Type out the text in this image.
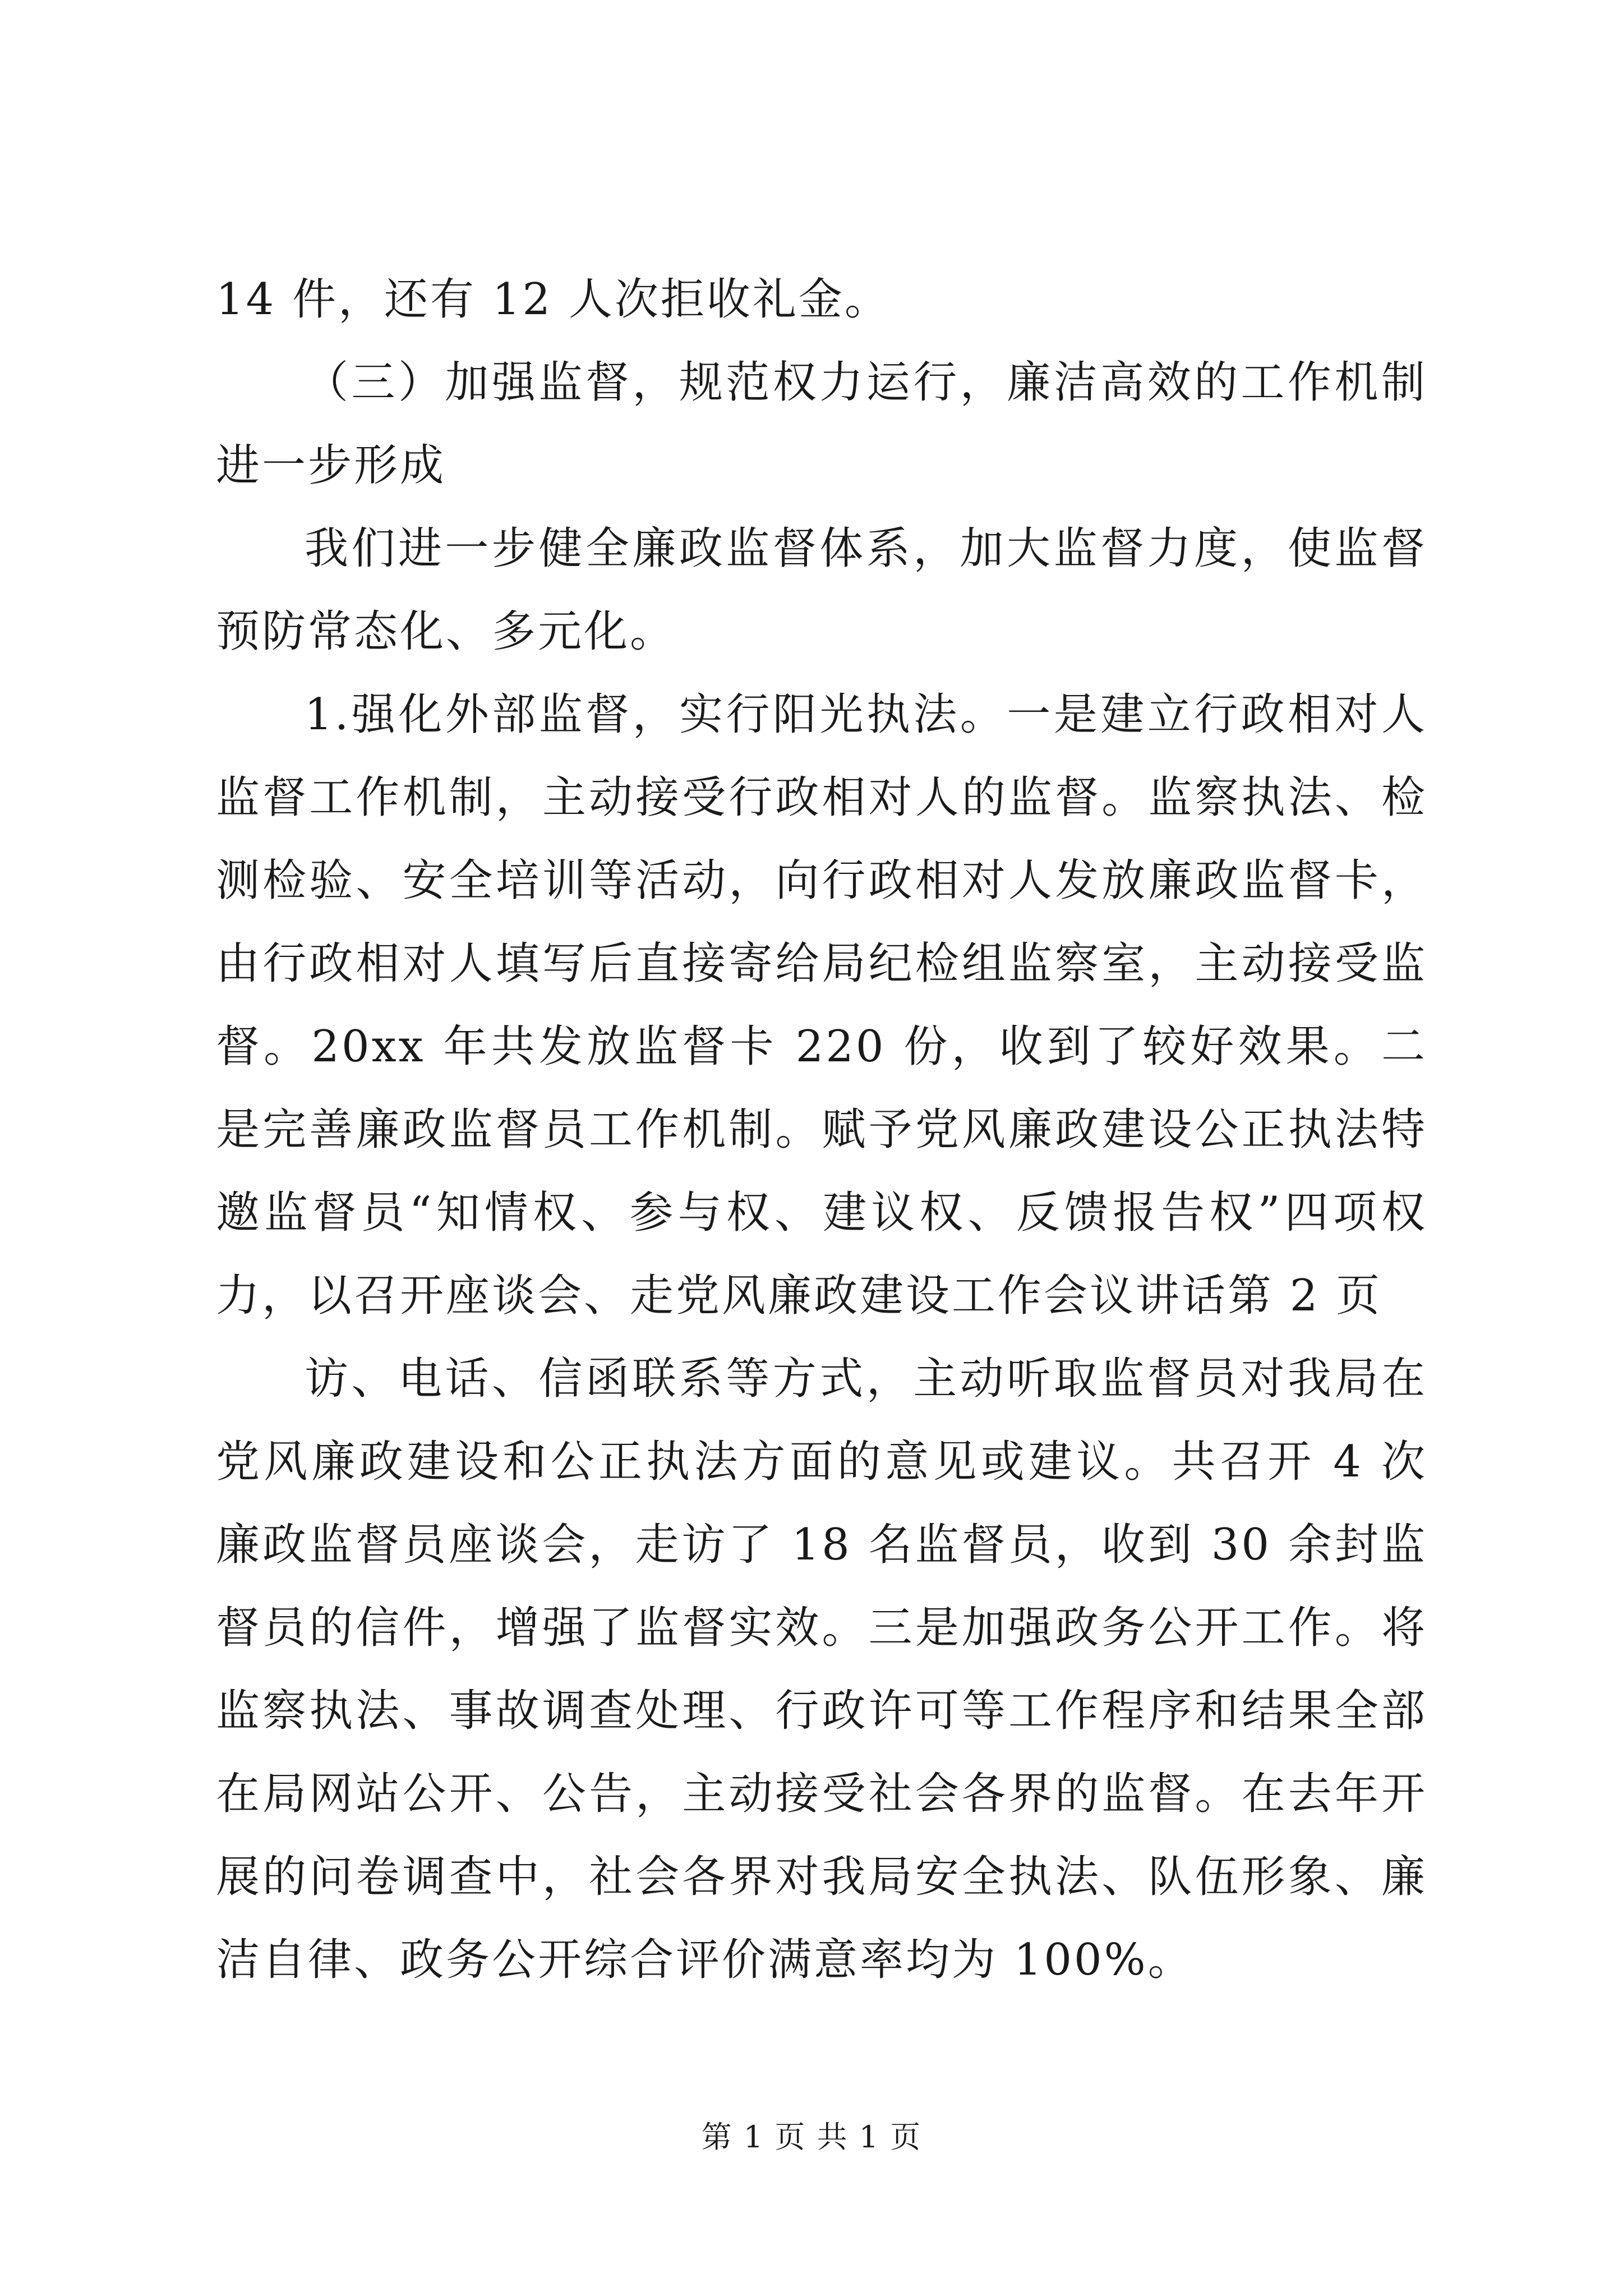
14 件，还有 12 人次拒收礼金。

（三）加强监督，规范权力运行，廉洁高效的工作机制进一步形成

我们进一步健全廉政监督体系，加大监督力度，使监督预防常态化、多元化。

1.强化外部监督，实行阳光执法。一是建立行政相对人监督工作机制，主动接受行政相对人的监督。监察执法、检测检验、安全培训等活动，向行政相对人发放廉政监督卡，由行政相对人填写后直接寄给局纪检组监察室，主动接受监督。20xx 年共发放监督卡 220 份，收到了较好效果。二是完善廉政监督员工作机制。赋予党风廉政建设公正执法特邀监督员“知情权、参与权、建议权、反馈报告权”四项权力，以召开座谈会、走党风廉政建设工作会议讲话第 2 页

访、电话、信函联系等方式，主动听取监督员对我局在党风廉政建设和公正执法方面的意见或建议。共召开 4 次廉政监督员座谈会，走访了 18 名监督员，收到 30 余封监督员的信件，增强了监督实效。三是加强政务公开工作。将监察执法、事故调查处理、行政许可等工作程序和结果全部在局网站公开、公告，主动接受社会各界的监督。在去年开展的问卷调查中，社会各界对我局安全执法、队伍形象、廉洁自律、政务公开综合评价满意率均为 100%。

第 1 页 共 1 页
